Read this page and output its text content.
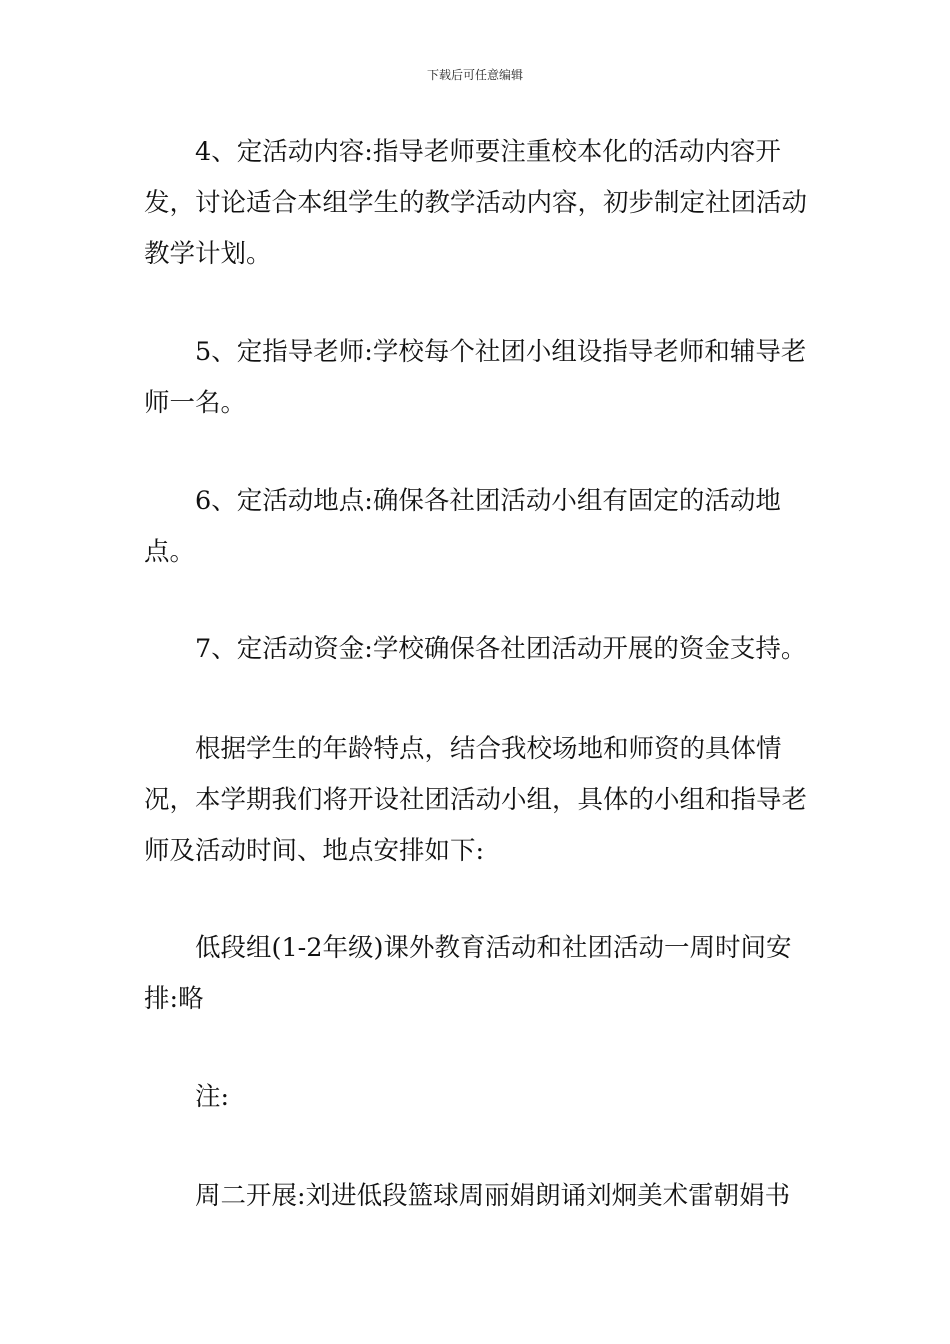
下载后可任意编辑

4、定活动内容:指导老师要注重校本化的活动内容开发，讨论适合本组学生的教学活动内容，初步制定社团活动教学计划。

5、定指导老师:学校每个社团小组设指导老师和辅导老师一名。

6、定活动地点:确保各社团活动小组有固定的活动地点。

7、定活动资金:学校确保各社团活动开展的资金支持。

根据学生的年龄特点，结合我校场地和师资的具体情况，本学期我们将开设社团活动小组，具体的小组和指导老师及活动时间、地点安排如下:

低段组(1-2年级)课外教育活动和社团活动一周时间安排:略

注:

周二开展:刘进低段篮球周丽娟朗诵刘炯美术雷朝娟书
